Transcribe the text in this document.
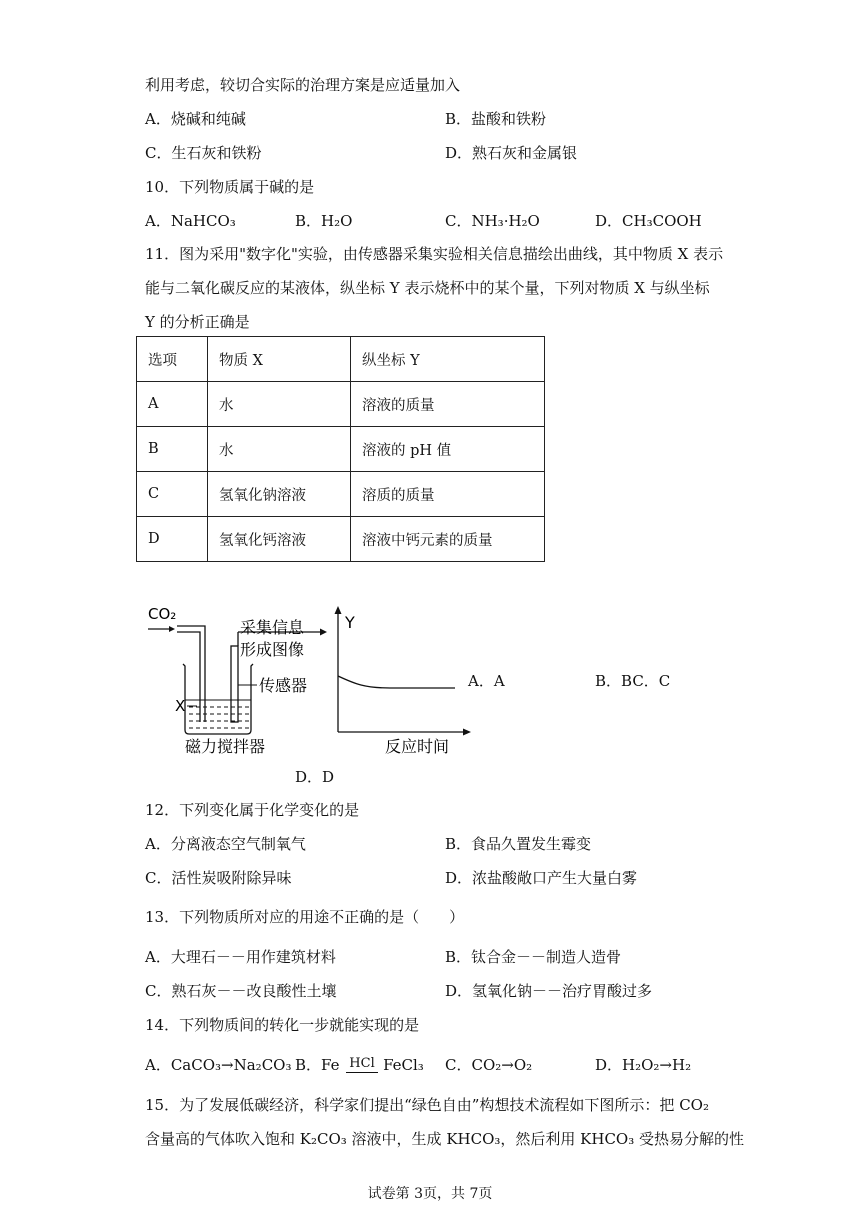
利用考虑，较切合实际的治理方案是应适量加入
A．烧碱和纯碱	B．盐酸和铁粉
C．生石灰和铁粉	D．熟石灰和金属银
10．下列物质属于碱的是
A．NaHCO₃	B．H₂O	C．NH₃·H₂O	D．CH₃COOH
11．图为采用"数字化"实验，由传感器采集实验相关信息描绘出曲线，其中物质 X 表示
能与二氧化碳反应的某液体，纵坐标 Y 表示烧杯中的某个量，下列对物质 X 与纵坐标
Y 的分析正确是
选项	物质 X	纵坐标 Y
A	水	溶液的质量
B	水	溶液的 pH 值
C	氢氧化钠溶液	溶质的质量
D	氢氧化钙溶液	溶液中钙元素的质量
CO₂
采集信息
形成图像
传感器
X
磁力搅拌器
Y
反应时间
A．A	B．BC．C
D．D
12．下列变化属于化学变化的是
A．分离液态空气制氧气	B．食品久置发生霉变
C．活性炭吸附除异味	D．浓盐酸敞口产生大量白雾
13．下列物质所对应的用途不正确的是（　　）
A．大理石－－用作建筑材料	B．钛合金－－制造人造骨
C．熟石灰－－改良酸性土壤	D．氢氧化钠－－治疗胃酸过多
14．下列物质间的转化一步就能实现的是
A．CaCO₃→Na₂CO₃ B．Fe HCl FeCl₃ C．CO₂→O₂	D．H₂O₂→H₂
15．为了发展低碳经济，科学家们提出“绿色自由”构想技术流程如下图所示：把 CO₂
含量高的气体吹入饱和 K₂CO₃ 溶液中，生成 KHCO₃，然后利用 KHCO₃ 受热易分解的性
试卷第 3页，共 7页
